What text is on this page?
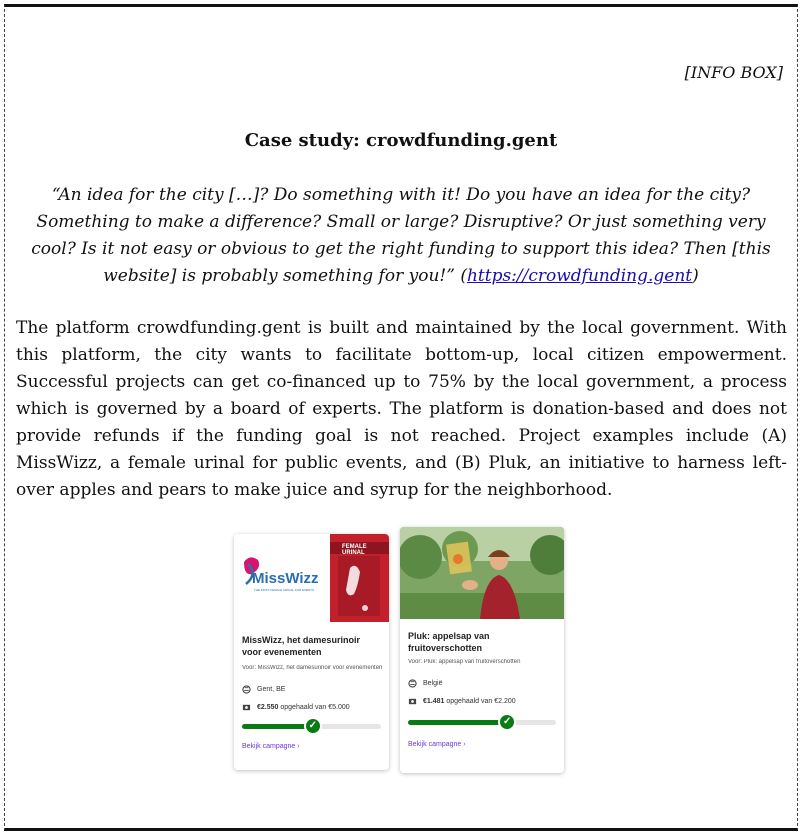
[INFO BOX]
Case study: crowdfunding.gent
“An idea for the city […]? Do something with it! Do you have an idea for the city? Something to make a difference? Small or large? Disruptive? Or just something very cool? Is it not easy or obvious to get the right funding to support this idea? Then [this website] is probably something for you!” (https://crowdfunding.gent)
The platform crowdfunding.gent is built and maintained by the local government. With this platform, the city wants to facilitate bottom-up, local citizen empowerment. Successful projects can get co-financed up to 75% by the local government, a process which is governed by a board of experts. The platform is donation-based and does not provide refunds if the funding goal is not reached. Project examples include (A) MissWizz, a female urinal for public events, and (B) Pluk, an initiative to harness left-over apples and pears to make juice and syrup for the neighborhood.
MissWizz
THE FIRST FEMALE URINAL FOR EVENTS
FEMALE URINAL
MissWizz, het damesurinoir voor evenementen
Voor: MissWizz, het damesurinoir voor evenementen
Gent, BE
€2.550 opgehaald van €5.000
✓
Bekijk campagne ›
Pluk: appelsap van fruitoverschotten
Voor: Pluk: appelsap van fruitoverschotten
België
€1.481 opgehaald van €2.200
✓
Bekijk campagne ›
